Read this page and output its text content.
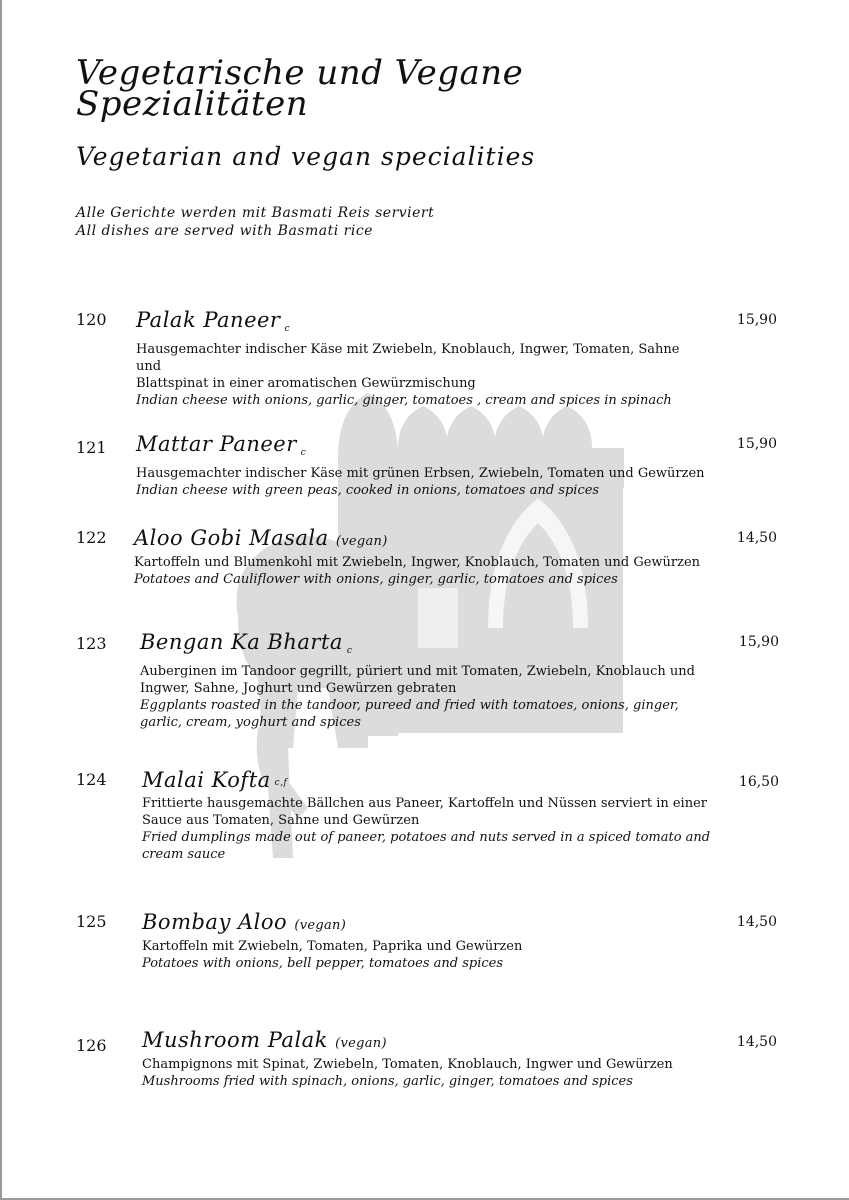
Vegetarische und Vegane
Spezialitäten
Vegetarian and vegan specialities
Alle Gerichte werden mit Basmati Reis serviert
All dishes are served with Basmati rice
120 Palak Paneer c
Hausgemachter indischer Käse mit Zwiebeln, Knoblauch, Ingwer, Tomaten, Sahne und
Blattspinat in einer aromatischen Gewürzmischung
Indian cheese with onions, garlic, ginger, tomatoes , cream and spices in spinach
15,90
121 Mattar Paneer c
Hausgemachter indischer Käse mit grünen Erbsen, Zwiebeln, Tomaten und Gewürzen
Indian cheese with green peas, cooked in onions, tomatoes and spices
15,90
122 Aloo Gobi Masala (vegan)
Kartoffeln und Blumenkohl mit Zwiebeln, Ingwer, Knoblauch, Tomaten und Gewürzen
Potatoes and Cauliflower with onions, ginger, garlic, tomatoes and spices
14,50
123 Bengan Ka Bharta c
Auberginen im Tandoor gegrillt, püriert und mit Tomaten, Zwiebeln, Knoblauch und
Ingwer, Sahne, Joghurt und Gewürzen gebraten
Eggplants roasted in the tandoor, pureed and fried with tomatoes, onions, ginger,
garlic, cream, yoghurt and spices
15,90
124 Malai Kofta c,f
Frittierte hausgemachte Bällchen aus Paneer, Kartoffeln und Nüssen serviert in einer
Sauce aus Tomaten, Sahne und Gewürzen
Fried dumplings made out of paneer, potatoes and nuts served in a spiced tomato and
cream sauce
16,50
125 Bombay Aloo (vegan)
Kartoffeln mit Zwiebeln, Tomaten, Paprika und Gewürzen
Potatoes with onions, bell pepper, tomatoes and spices
14,50
126 Mushroom Palak (vegan)
Champignons mit Spinat, Zwiebeln, Tomaten, Knoblauch, Ingwer und Gewürzen
Mushrooms fried with spinach, onions, garlic, ginger, tomatoes and spices
14,50
